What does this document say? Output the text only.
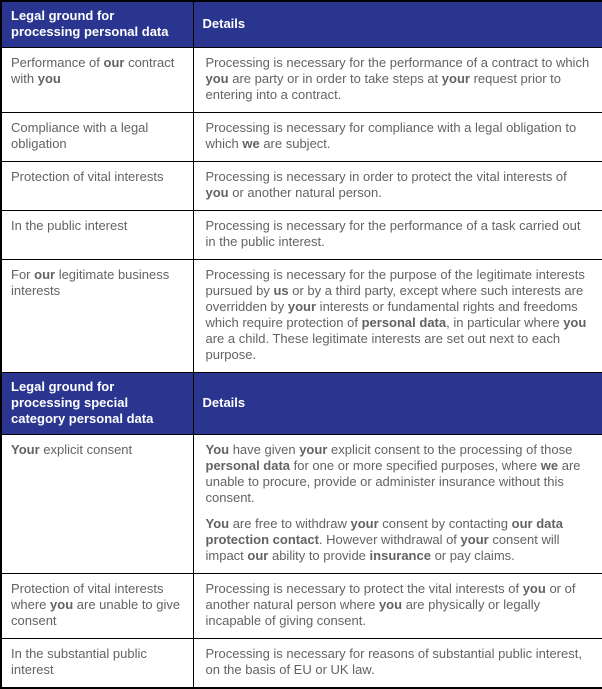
Legal ground for processing personal data	Details
Performance of our contract with you	Processing is necessary for the performance of a contract to which you are party or in order to take steps at your request prior to entering into a contract.

Compliance with a legal obligation	Processing is necessary for compliance with a legal obligation to which we are subject.

Protection of vital interests	Processing is necessary in order to protect the vital interests of you or another natural person.

In the public interest	Processing is necessary for the performance of a task carried out in the public interest.

For our legitimate business interests	Processing is necessary for the purpose of the legitimate interests pursued by us or by a third party, except where such interests are overridden by your interests or fundamental rights and freedoms which require protection of personal data, in particular where you are a child. These legitimate interests are set out next to each purpose.

Legal ground for processing special category personal data	Details
Your explicit consent	You have given your explicit consent to the processing of those personal data for one or more specified purposes, where we are unable to procure, provide or administer insurance without this consent.

You are free to withdraw your consent by contacting our data protection contact. However withdrawal of your consent will impact our ability to provide insurance or pay claims.

Protection of vital interests where you are unable to give consent	Processing is necessary to protect the vital interests of you or of another natural person where you are physically or legally incapable of giving consent.

In the substantial public interest	Processing is necessary for reasons of substantial public interest, on the basis of EU or UK law.
